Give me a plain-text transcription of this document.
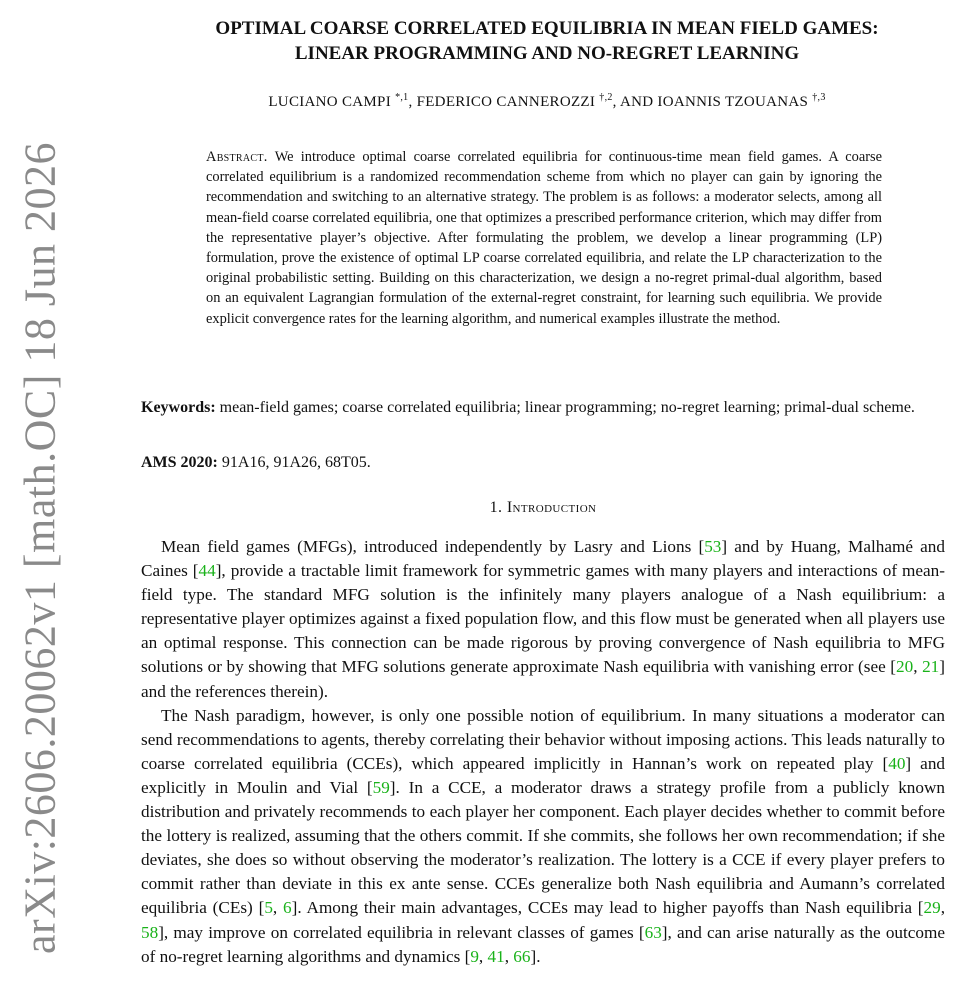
arXiv:2606.20062v1 [math.OC] 18 Jun 2026
OPTIMAL COARSE CORRELATED EQUILIBRIA IN MEAN FIELD GAMES:
LINEAR PROGRAMMING AND NO-REGRET LEARNING
LUCIANO CAMPI $^{*,1}$, FEDERICO CANNEROZZI $^{\dagger,2}$, AND IOANNIS TZOUANAS $^{\dagger,3}$
Abstract. We introduce optimal coarse correlated equilibria for continuous-time mean field games. A coarse correlated equilibrium is a randomized recommendation scheme from which no player can gain by ignoring the recommendation and switching to an alternative strategy. The problem is as follows: a moderator selects, among all mean-field coarse correlated equilibria, one that optimizes a prescribed performance criterion, which may differ from the representative player’s objective. After formulating the problem, we develop a linear programming (LP) formulation, prove the existence of optimal LP coarse correlated equilibria, and relate the LP characterization to the original probabilistic setting. Building on this characterization, we design a no-regret primal-dual algorithm, based on an equivalent Lagrangian formulation of the external-regret constraint, for learning such equilibria. We provide explicit convergence rates for the learning algorithm, and numerical examples illustrate the method.
Keywords: mean-field games; coarse correlated equilibria; linear programming; no-regret learning; primal-dual scheme.
AMS 2020: 91A16, 91A26, 68T05.
1. Introduction

Mean field games (MFGs), introduced independently by Lasry and Lions [53] and by Huang, Malhamé and Caines [44], provide a tractable limit framework for symmetric games with many players and interactions of mean-field type. The standard MFG solution is the infinitely many players analogue of a Nash equilibrium: a representative player optimizes against a fixed population flow, and this flow must be generated when all players use an optimal response. This connection can be made rigorous by proving convergence of Nash equilibria to MFG solutions or by showing that MFG solutions generate approximate Nash equilibria with vanishing error (see [20, 21] and the references therein).

The Nash paradigm, however, is only one possible notion of equilibrium. In many situations a moderator can send recommendations to agents, thereby correlating their behavior without imposing actions. This leads naturally to coarse correlated equilibria (CCEs), which appeared implicitly in Hannan’s work on repeated play [40] and explicitly in Moulin and Vial [59]. In a CCE, a moderator draws a strategy profile from a publicly known distribution and privately recommends to each player her component. Each player decides whether to commit before the lottery is realized, assuming that the others commit. If she commits, she follows her own recommendation; if she deviates, she does so without observing the moderator’s realization. The lottery is a CCE if every player prefers to commit rather than deviate in this ex ante sense. CCEs generalize both Nash equilibria and Aumann’s correlated equilibria (CEs) [5, 6]. Among their main advantages, CCEs may lead to higher payoffs than Nash equilibria [29, 58], may improve on correlated equilibria in relevant classes of games [63], and can arise naturally as the outcome of no-regret learning algorithms and dynamics [9, 41, 66].
